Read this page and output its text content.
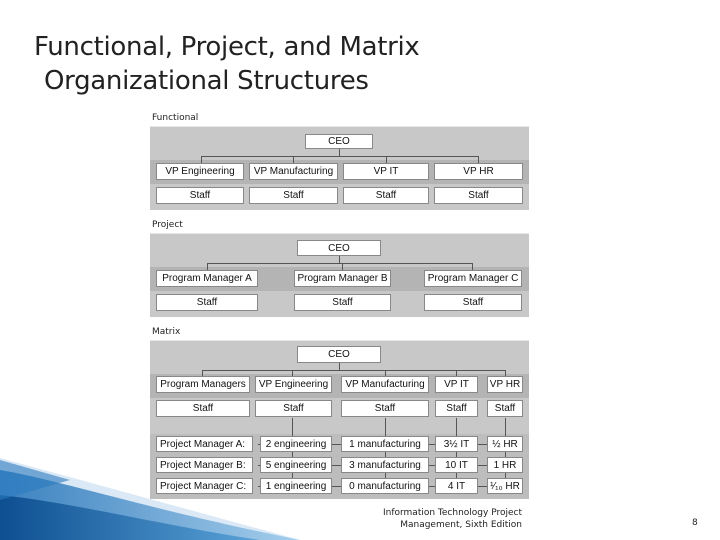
Functional, Project, and Matrix
Organizational Structures
Functional
CEO
VP Engineering	VP Manufacturing	VP IT	VP HR
Staff	Staff	Staff	Staff
Project
CEO
Program Manager A	Program Manager B	Program Manager C
Staff	Staff	Staff
Matrix
CEO
Program Managers	VP Engineering	VP Manufacturing	VP IT	VP HR
Staff	Staff	Staff	Staff	Staff
Project Manager A:	2 engineering	1 manufacturing	3½ IT	½ HR
Project Manager B:	5 engineering	3 manufacturing	10 IT	1 HR
Project Manager C:	1 engineering	0 manufacturing	4 IT	¹⁄₁₀ HR
Information Technology Project
Management, Sixth Edition	8
